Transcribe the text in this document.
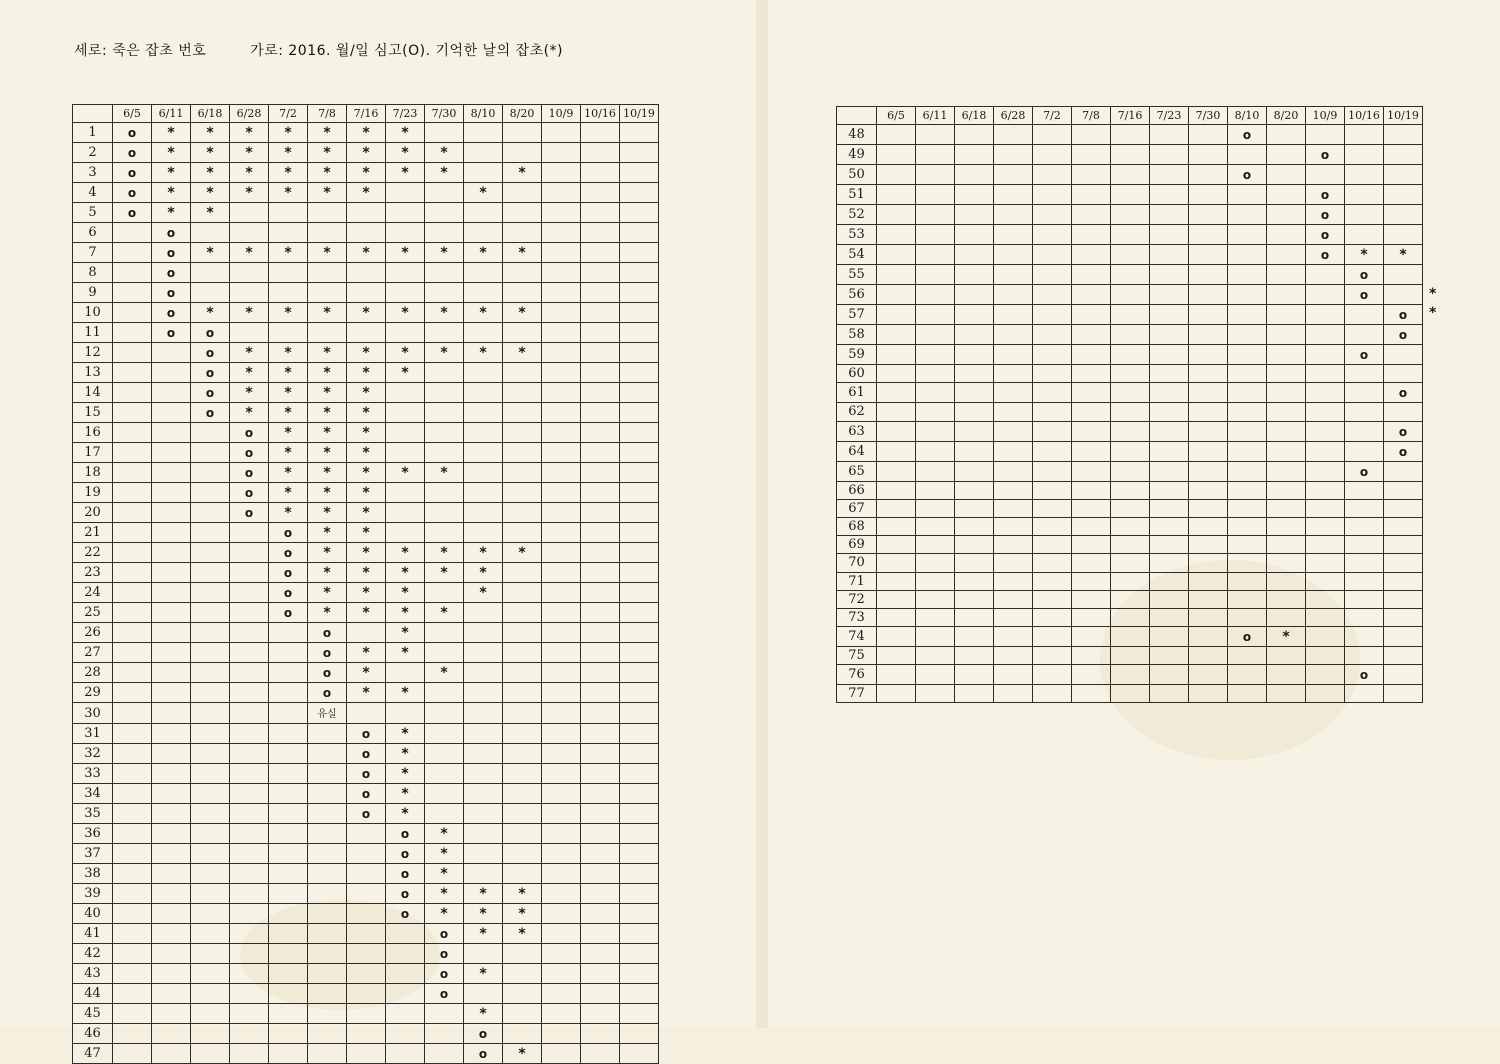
세로: 죽은 잡초 번호	가로: 2016. 월/일 심고(O). 기억한 날의 잡초(*)
	6/5	6/11	6/18	6/28	7/2	7/8	7/16	7/23	7/30	8/10	8/20	10/9	10/16	10/19
1	o	*	*	*	*	*	*	*						
2	o	*	*	*	*	*	*	*	*					
3	o	*	*	*	*	*	*	*	*		*			
4	o	*	*	*	*	*	*			*				
5	o	*	*											
6		o												
7		o	*	*	*	*	*	*	*	*	*			
8		o												
9		o												
10		o	*	*	*	*	*	*	*	*	*			
11		o	o											
12			o	*	*	*	*	*	*	*	*			
13			o	*	*	*	*	*						
14			o	*	*	*	*							
15			o	*	*	*	*							
16				o	*	*	*							
17				o	*	*	*							
18				o	*	*	*	*	*					
19				o	*	*	*							
20				o	*	*	*							
21					o	*	*							
22					o	*	*	*	*	*	*			
23					o	*	*	*	*	*				
24					o	*	*	*		*				
25					o	*	*	*	*					
26						o		*						
27						o	*	*						
28						o	*		*					
29						o	*	*						
30						유실								
31							o	*						
32							o	*						
33							o	*						
34							o	*						
35							o	*						
36								o	*					
37								o	*					
38								o	*					
39								o	*	*	*			
40								o	*	*	*			
41									o	*	*			
42									o					
43									o	*				
44									o					
45										*				
46										o				
47										o	*			
	6/5	6/11	6/18	6/28	7/2	7/8	7/16	7/23	7/30	8/10	8/20	10/9	10/16	10/19
48										o				
49												o		
50										o				
51												o		
52												o		
53												o		
54												o	*	*
55													o	
56													o	
57														o
58														o
59													o	
60														
61														o
62														
63														o
64														o
65													o	
66														
67														
68														
69														
70														
71														
72														
73														
74										o	*			
75														
76													o	
77														
*
*
